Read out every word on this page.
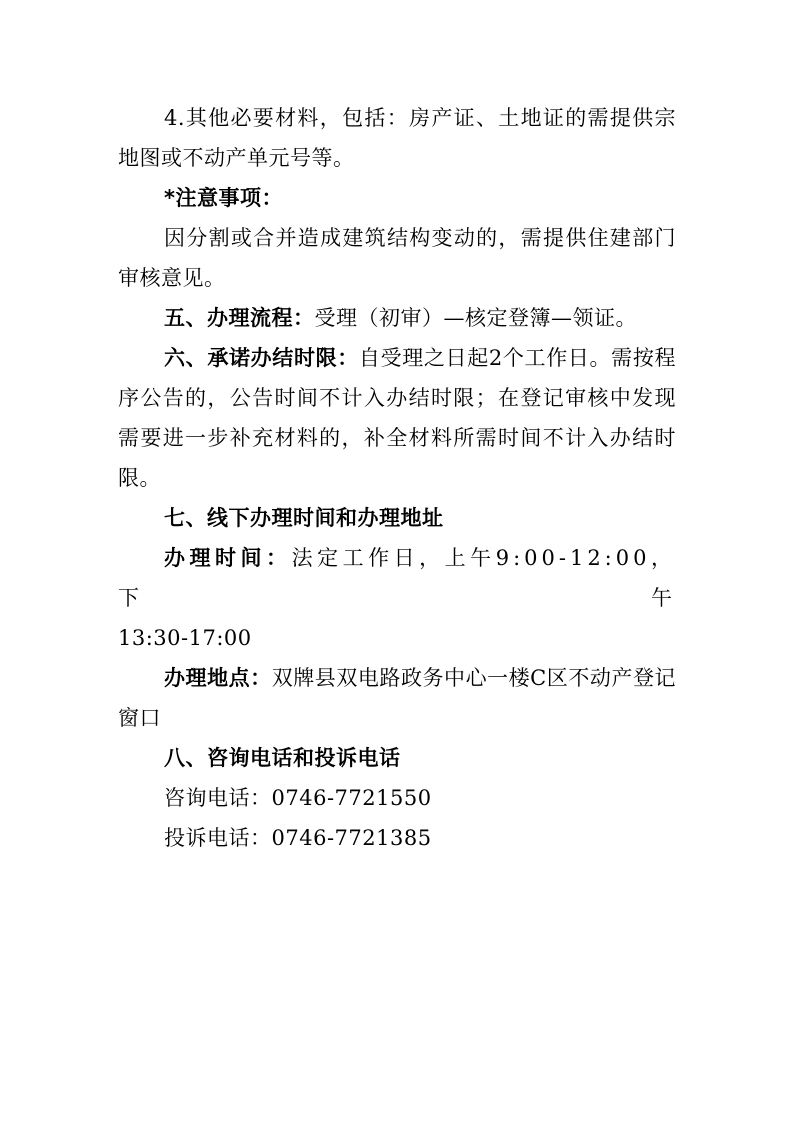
4.其他必要材料，包括：房产证、土地证的需提供宗地图或不动产单元号等。

*注意事项：

因分割或合并造成建筑结构变动的，需提供住建部门审核意见。

五、办理流程：受理（初审）—核定登簿—领证。

六、承诺办结时限：自受理之日起2个工作日。需按程序公告的，公告时间不计入办结时限；在登记审核中发现需要进一步补充材料的，补全材料所需时间不计入办结时限。

七、线下办理时间和办理地址

办理时间：法定工作日，上午9:00-12:00，下午

13:30-17:00

办理地点：双牌县双电路政务中心一楼C区不动产登记窗口

八、咨询电话和投诉电话

咨询电话：0746-7721550

投诉电话：0746-7721385
